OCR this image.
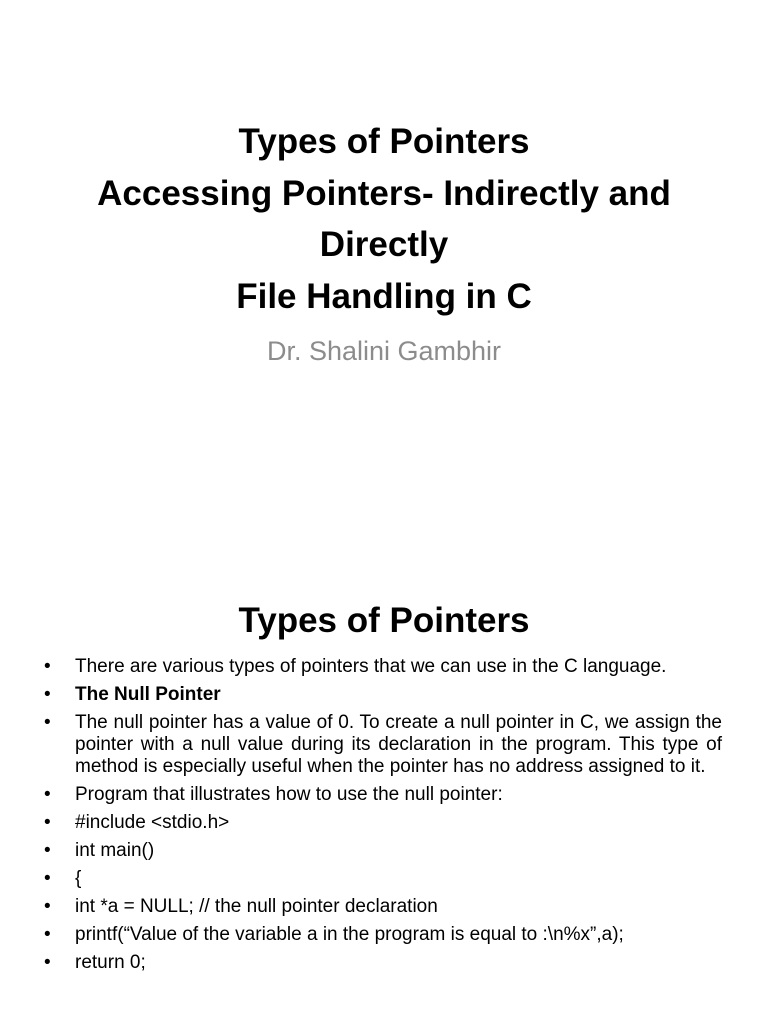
Types of Pointers
Accessing Pointers- Indirectly and
Directly
File Handling in C
Dr. Shalini Gambhir
Types of Pointers
• There are various types of pointers that we can use in the C language.
• The Null Pointer
• The null pointer has a value of 0. To create a null pointer in C, we assign the pointer with a null value during its declaration in the program. This type of method is especially useful when the pointer has no address assigned to it.
• Program that illustrates how to use the null pointer:
• #include <stdio.h>
• int main()
• {
• int *a = NULL; // the null pointer declaration
• printf(“Value of the variable a in the program is equal to :\n%x”,a);
• return 0;
